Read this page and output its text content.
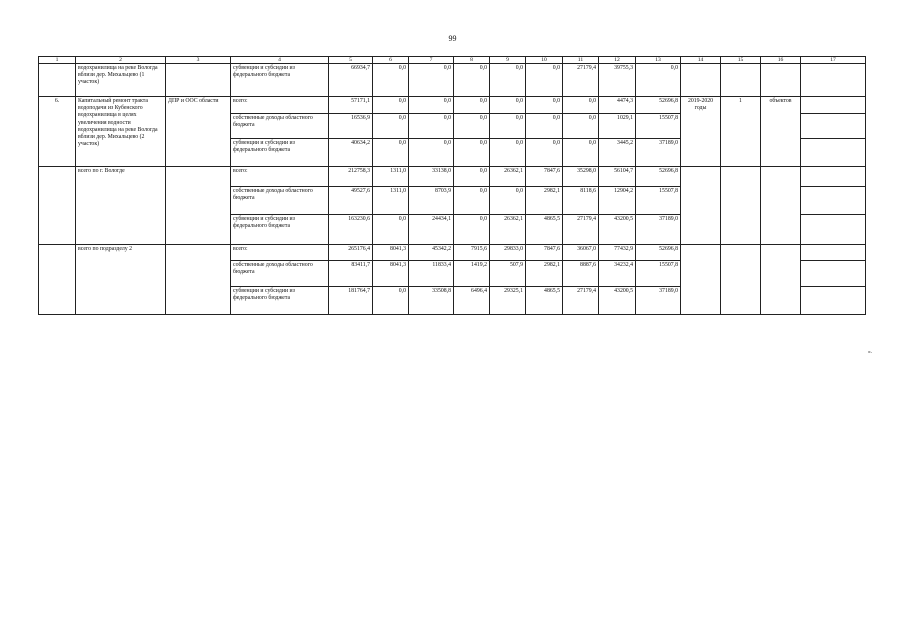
99
1	2	3	4	5	6	7	8	9	10	11	12	13	14	15	16	17
	водохранилища на реке Вологда вблизи дер. Михальцево (1 участок)		субвенции и субсидии из федерального бюджета	66934,7	0,0	0,0	0,0	0,0	0,0	27179,4	39755,3	0,0				
6.	Капитальный ремонт тракта водоподачи из Кубенского водохранилища в целях увеличения водности водохранилища на реке Вологда вблизи дер. Михальцево (2 участок)	ДПР и ООС области	всего:	57171,1	0,0	0,0	0,0	0,0	0,0	0,0	4474,3	52696,8	2019-2020 годы	1	объектов	
			собственные доходы областного бюджета	16536,9	0,0	0,0	0,0	0,0	0,0	0,0	1029,1	15507,8				
			субвенции и субсидии из федерального бюджета	40634,2	0,0	0,0	0,0	0,0	0,0	0,0	3445,2	37189,0				
	всего по г. Вологде		всего:	212758,3	1311,0	33138,0	0,0	26362,1	7847,6	35298,0	56104,7	52696,8				
			собственные доходы областного бюджета	49527,6	1311,0	8703,9	0,0	0,0	2982,1	8118,6	12904,2	15507,8				
			субвенции и субсидии из федерального бюджета	163230,6	0,0	24434,1	0,0	26362,1	4865,5	27179,4	43200,5	37189,0				
	всего по подразделу 2		всего:	265176,4	8041,3	45342,2	7915,6	29833,0	7847,6	36067,0	77432,9	52696,8				
			собственные доходы областного бюджета	83411,7	8041,3	11833,4	1419,2	507,9	2982,1	8887,6	34232,4	15507,8				
			субвенции и субсидии из федерального бюджета	181764,7	0,0	33508,8	6496,4	29325,1	4865,5	27179,4	43200,5	37189,0				
».
